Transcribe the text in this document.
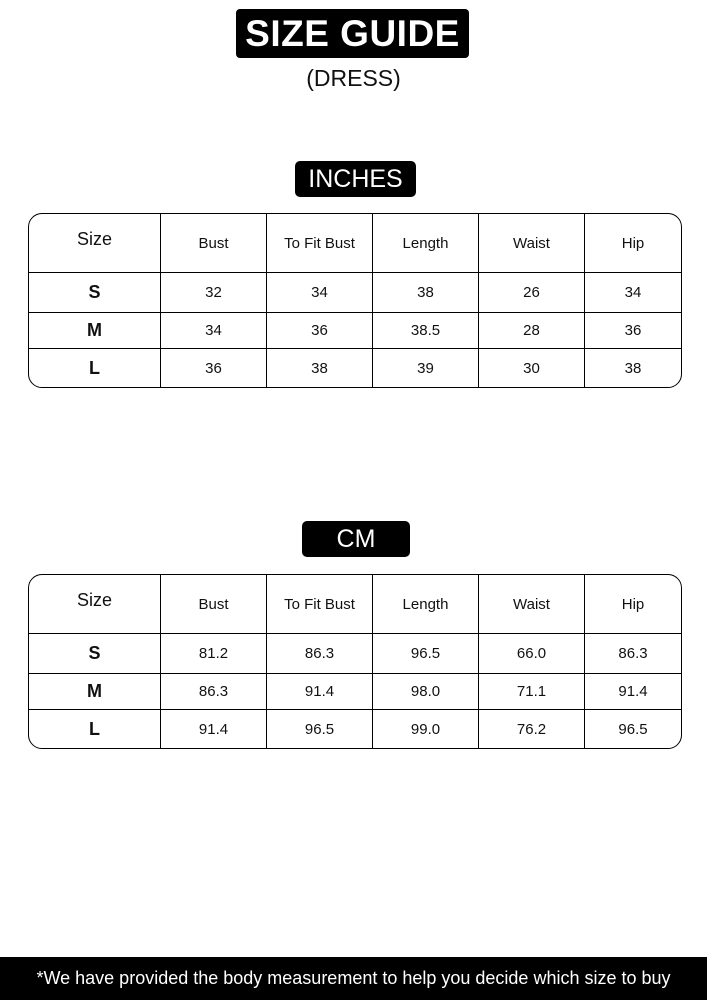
SIZE GUIDE
(DRESS)
INCHES
Size	Bust	To Fit Bust	Length	Waist	Hip
S	32	34	38	26	34
M	34	36	38.5	28	36
L	36	38	39	30	38
CM
Size	Bust	To Fit Bust	Length	Waist	Hip
S	81.2	86.3	96.5	66.0	86.3
M	86.3	91.4	98.0	71.1	91.4
L	91.4	96.5	99.0	76.2	96.5
*We have provided the body measurement to help you decide which size to buy
